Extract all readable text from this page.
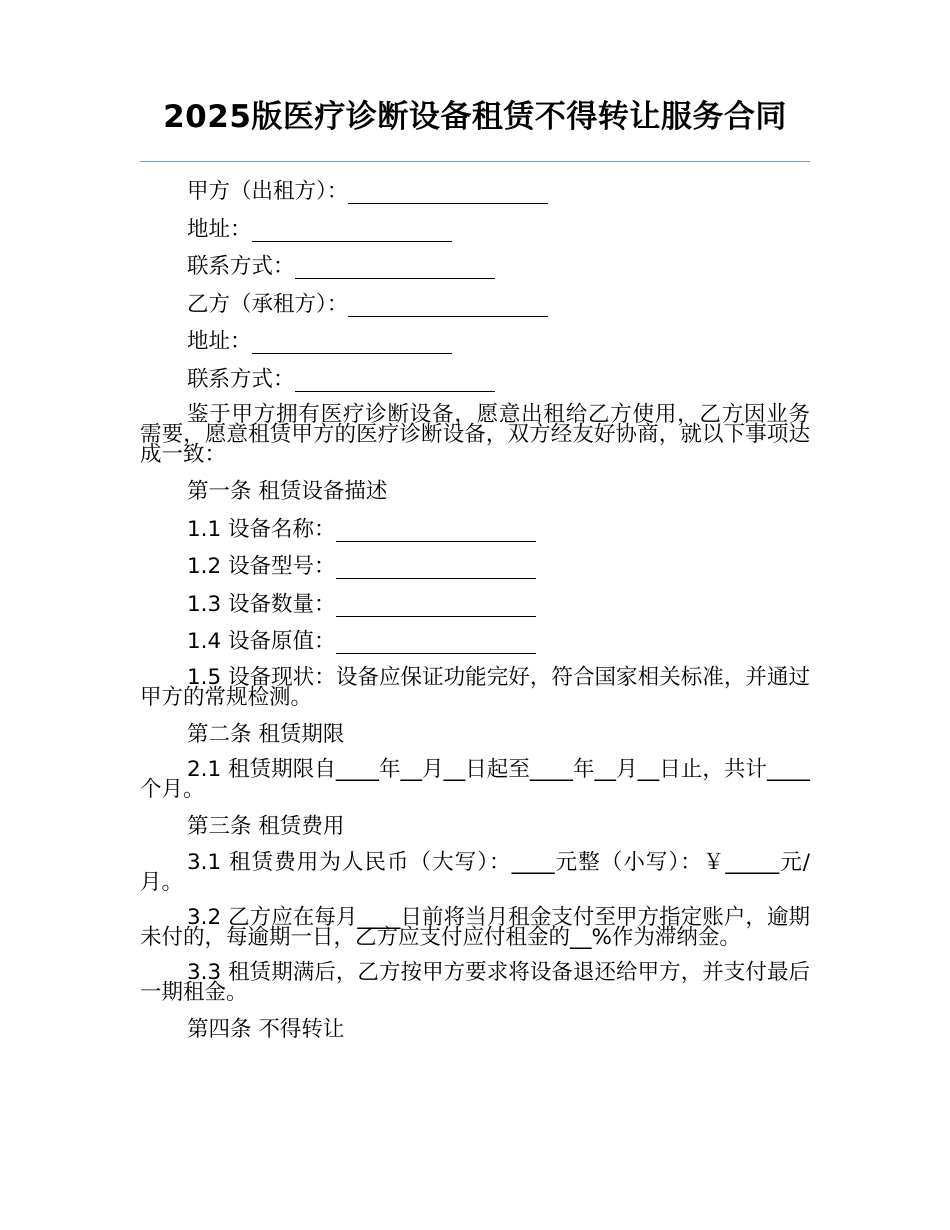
2025版医疗诊断设备租赁不得转让服务合同
甲方（出租方）：
地址：
联系方式：
乙方（承租方）：
地址：
联系方式：
鉴于甲方拥有医疗诊断设备，愿意出租给乙方使用，乙方因业务需要，愿意租赁甲方的医疗诊断设备，双方经友好协商，就以下事项达成一致：
第一条 租赁设备描述
1.1 设备名称：
1.2 设备型号：
1.3 设备数量：
1.4 设备原值：
1.5 设备现状：设备应保证功能完好，符合国家相关标准，并通过甲方的常规检测。
第二条 租赁期限
2.1 租赁期限自____年__月__日起至____年__月__日止，共计____个月。
第三条 租赁费用
3.1 租赁费用为人民币（大写）：____元整（小写）：￥_____元/月。
3.2 乙方应在每月____日前将当月租金支付至甲方指定账户，逾期未付的，每逾期一日，乙方应支付应付租金的__%作为滞纳金。
3.3 租赁期满后，乙方按甲方要求将设备退还给甲方，并支付最后一期租金。
第四条 不得转让
